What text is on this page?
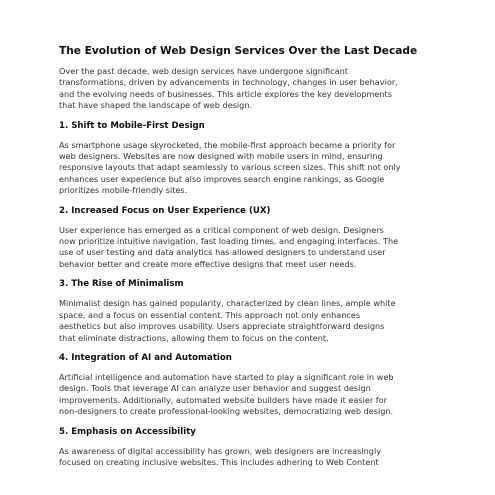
The Evolution of Web Design Services Over the Last Decade
Over the past decade, web design services have undergone significant
transformations, driven by advancements in technology, changes in user behavior,
and the evolving needs of businesses. This article explores the key developments
that have shaped the landscape of web design.
1. Shift to Mobile-First Design
As smartphone usage skyrocketed, the mobile-first approach became a priority for
web designers. Websites are now designed with mobile users in mind, ensuring
responsive layouts that adapt seamlessly to various screen sizes. This shift not only
enhances user experience but also improves search engine rankings, as Google
prioritizes mobile-friendly sites.
2. Increased Focus on User Experience (UX)
User experience has emerged as a critical component of web design. Designers
now prioritize intuitive navigation, fast loading times, and engaging interfaces. The
use of user testing and data analytics has allowed designers to understand user
behavior better and create more effective designs that meet user needs.
3. The Rise of Minimalism
Minimalist design has gained popularity, characterized by clean lines, ample white
space, and a focus on essential content. This approach not only enhances
aesthetics but also improves usability. Users appreciate straightforward designs
that eliminate distractions, allowing them to focus on the content.
4. Integration of AI and Automation
Artificial intelligence and automation have started to play a significant role in web
design. Tools that leverage AI can analyze user behavior and suggest design
improvements. Additionally, automated website builders have made it easier for
non-designers to create professional-looking websites, democratizing web design.
5. Emphasis on Accessibility
As awareness of digital accessibility has grown, web designers are increasingly
focused on creating inclusive websites. This includes adhering to Web Content
